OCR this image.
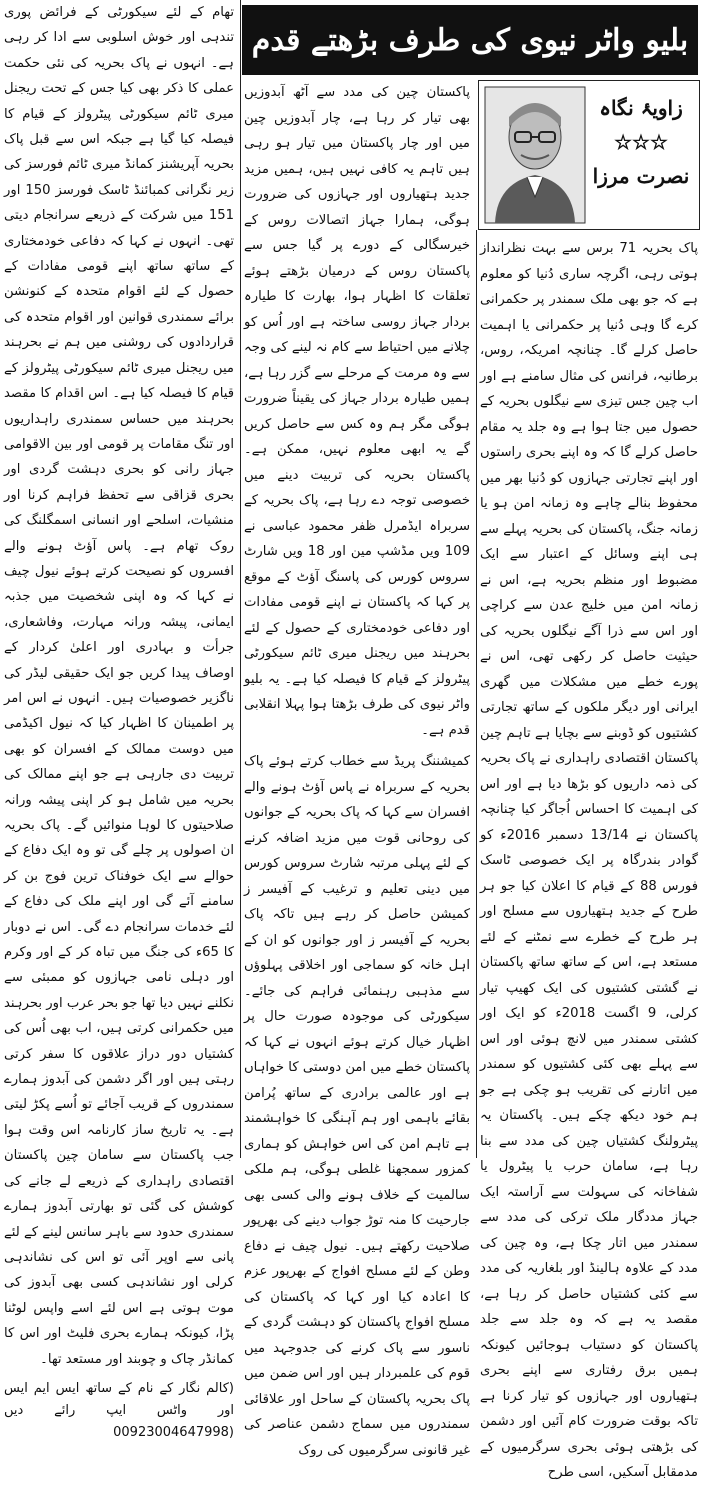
بلیو واٹر نیوی کی طرف بڑھتے قدم
زاویۂ نگاہ
☆☆☆
نصرت مرزا

پاک بحریہ 71 برس سے بہت نظرانداز ہوتی رہی، اگرچہ ساری دُنیا کو معلوم ہے کہ جو بھی ملک سمندر پر حکمرانی کرے گا وہی دُنیا پر حکمرانی یا اہمیت حاصل کرلے گا۔ چنانچہ امریکہ، روس، برطانیہ، فرانس کی مثال سامنے ہے اور اب چین جس تیزی سے نیگلوں بحریہ کے حصول میں جتا ہوا ہے وہ جلد یہ مقام حاصل کرلے گا کہ وہ اپنے بحری راستوں اور اپنے تجارتی جہازوں کو دُنیا بھر میں محفوظ بنالے چاہے وہ زمانہ امن ہو یا زمانہ جنگ، پاکستان کی بحریہ پہلے سے ہی اپنے وسائل کے اعتبار سے ایک مضبوط اور منظم بحریہ ہے، اس نے زمانہ امن میں خلیج عدن سے کراچی اور اس سے ذرا آگے نیگلوں بحریہ کی حیثیت حاصل کر رکھی تھی، اس نے پورے خطے میں مشکلات میں گھری ایرانی اور دیگر ملکوں کے ساتھ تجارتی کشتیوں کو ڈوبنے سے بچایا ہے تاہم چین پاکستان اقتصادی راہداری نے پاک بحریہ کی ذمہ داریوں کو بڑھا دیا ہے اور اس کی اہمیت کا احساس اُجاگر کیا چنانچہ پاکستان نے 13/14 دسمبر 2016ء کو گوادر بندرگاہ پر ایک خصوصی ٹاسک فورس 88 کے قیام کا اعلان کیا جو ہر طرح کے جدید ہتھیاروں سے مسلح اور ہر طرح کے خطرے سے نمٹنے کے لئے مستعد ہے، اس کے ساتھ ساتھ پاکستان نے گشتی کشتیوں کی ایک کھیپ تیار کرلی، 9 اگست 2018ء کو ایک اور کشتی سمندر میں لانچ ہوئی اور اس سے پہلے بھی کئی کشتیوں کو سمندر میں اتارنے کی تقریب ہو چکی ہے جو ہم خود دیکھ چکے ہیں۔ پاکستان یہ پیٹرولنگ کشتیاں چین کی مدد سے بنا رہا ہے، سامان حرب یا پیٹرول یا شفاخانہ کی سہولت سے آراستہ ایک جہاز مددگار ملک ترکی کی مدد سے سمندر میں اتار چکا ہے، وہ چین کی مدد کے علاوہ ہالینڈ اور بلغاریہ کی مدد سے کئی کشتیاں حاصل کر رہا ہے، مقصد یہ ہے کہ وہ جلد سے جلد پاکستان کو دستیاب ہوجائیں کیونکہ ہمیں برق رفتاری سے اپنے بحری ہتھیاروں اور جہازوں کو تیار کرنا ہے تاکہ بوقت ضرورت کام آئیں اور دشمن کی بڑھتی ہوئی بحری سرگرمیوں کے مدمقابل آسکیں، اسی طرح

پاکستان چین کی مدد سے آٹھ آبدوزیں بھی تیار کر رہا ہے، چار آبدوزیں چین میں اور چار پاکستان میں تیار ہو رہی ہیں تاہم یہ کافی نہیں ہیں، ہمیں مزید جدید ہتھیاروں اور جہازوں کی ضرورت ہوگی، ہمارا جہاز اتصالات روس کے خیرسگالی کے دورے پر گیا جس سے پاکستان روس کے درمیان بڑھتے ہوئے تعلقات کا اظہار ہوا، بھارت کا طیارہ بردار جہاز روسی ساختہ ہے اور اُس کو چلانے میں احتیاط سے کام نہ لینے کی وجہ سے وہ مرمت کے مرحلے سے گزر رہا ہے، ہمیں طیارہ بردار جہاز کی یقیناً ضرورت ہوگی مگر ہم وہ کس سے حاصل کریں گے یہ ابھی معلوم نہیں، ممکن ہے۔ پاکستان بحریہ کی تربیت دینے میں خصوصی توجہ دے رہا ہے، پاک بحریہ کے سربراہ ایڈمرل ظفر محمود عباسی نے 109 ویں مڈشپ مین اور 18 ویں شارٹ سروس کورس کی پاسنگ آؤٹ کے موقع پر کہا کہ پاکستان نے اپنے قومی مفادات اور دفاعی خودمختاری کے حصول کے لئے بحرہند میں ریجنل میری ٹائم سیکورٹی پیٹرولز کے قیام کا فیصلہ کیا ہے۔ یہ بلیو واٹر نیوی کی طرف بڑھتا ہوا پہلا انقلابی قدم ہے۔

کمیشننگ پریڈ سے خطاب کرتے ہوئے پاک بحریہ کے سربراہ نے پاس آؤٹ ہونے والے افسران سے کہا کہ پاک بحریہ کے جوانوں کی روحانی قوت میں مزید اضافہ کرنے کے لئے پہلی مرتبہ شارٹ سروس کورس میں دینی تعلیم و ترغیب کے آفیسر ز کمیشن حاصل کر رہے ہیں تاکہ پاک بحریہ کے آفیسر ز اور جوانوں کو ان کے اہل خانہ کو سماجی اور اخلاقی پہلوؤں سے مذہبی رہنمائی فراہم کی جائے۔ سیکورٹی کی موجودہ صورت حال پر اظہار خیال کرتے ہوئے انہوں نے کہا کہ پاکستان خطے میں امن دوستی کا خواہاں ہے اور عالمی برادری کے ساتھ پُرامن بقائے باہمی اور ہم آہنگی کا خواہشمند ہے تاہم امن کی اس خواہش کو ہماری کمزور سمجھنا غلطی ہوگی، ہم ملکی سالمیت کے خلاف ہونے والی کسی بھی جارحیت کا منہ توڑ جواب دینے کی بھرپور صلاحیت رکھتے ہیں۔ نیول چیف نے دفاع وطن کے لئے مسلح افواج کے بھرپور عزم کا اعادہ کیا اور کہا کہ پاکستان کی مسلح افواج پاکستان کو دہشت گردی کے ناسور سے پاک کرنے کی جدوجہد میں قوم کی علمبردار ہیں اور اس ضمن میں پاک بحریہ پاکستان کے ساحل اور علاقائی سمندروں میں سماج دشمن عناصر کی غیر قانونی سرگرمیوں کی روک

تھام کے لئے سیکورٹی کے فرائض پوری تندہی اور خوش اسلوبی سے ادا کر رہی ہے۔ انہوں نے پاک بحریہ کی نئی حکمت عملی کا ذکر بھی کیا جس کے تحت ریجنل میری ٹائم سیکورٹی پیٹرولز کے قیام کا فیصلہ کیا گیا ہے جبکہ اس سے قبل پاک بحریہ آپریشنز کمانڈ میری ٹائم فورسز کی زیر نگرانی کمبائنڈ ٹاسک فورسز 150 اور 151 میں شرکت کے ذریعے سرانجام دیتی تھی۔ انہوں نے کہا کہ دفاعی خودمختاری کے ساتھ ساتھ اپنے قومی مفادات کے حصول کے لئے اقوام متحدہ کے کنونشن برائے سمندری قوانین اور اقوام متحدہ کی قراردادوں کی روشنی میں ہم نے بحرہند میں ریجنل میری ٹائم سیکورٹی پیٹرولز کے قیام کا فیصلہ کیا ہے۔ اس اقدام کا مقصد بحرہند میں حساس سمندری راہداریوں اور تنگ مقامات پر قومی اور بین الاقوامی جہاز رانی کو بحری دہشت گردی اور بحری قزاقی سے تحفظ فراہم کرنا اور منشیات، اسلحے اور انسانی اسمگلنگ کی روک تھام ہے۔ پاس آؤٹ ہونے والے افسروں کو نصیحت کرتے ہوئے نیول چیف نے کہا کہ وہ اپنی شخصیت میں جذبہ ایمانی، پیشہ ورانہ مہارت، وفاشعاری، جرأت و بہادری اور اعلیٰ کردار کے اوصاف پیدا کریں جو ایک حقیقی لیڈر کی ناگزیر خصوصیات ہیں۔ انہوں نے اس امر پر اطمینان کا اظہار کیا کہ نیول اکیڈمی میں دوست ممالک کے افسران کو بھی تربیت دی جارہی ہے جو اپنے ممالک کی بحریہ میں شامل ہو کر اپنی پیشہ ورانہ صلاحیتوں کا لوہا منوائیں گے۔ پاک بحریہ ان اصولوں پر چلے گی تو وہ ایک دفاع کے حوالے سے ایک خوفناک ترین فوج بن کر سامنے آئے گی اور اپنے ملک کی دفاع کے لئے خدمات سرانجام دے گی۔ اس نے دوبار کا 65ء کی جنگ میں تباہ کر کے اور وکرم اور دہلی نامی جہازوں کو ممبئی سے نکلنے نہیں دیا تھا جو بحر عرب اور بحرہند میں حکمرانی کرتی ہیں، اب بھی اُس کی کشتیاں دور دراز علاقوں کا سفر کرتی رہتی ہیں اور اگر دشمن کی آبدوز ہمارے سمندروں کے قریب آجائے تو اُسے پکڑ لیتی ہے۔ یہ تاریخ ساز کارنامہ اس وقت ہوا جب پاکستان سے سامان چین پاکستان اقتصادی راہداری کے ذریعے لے جانے کی کوشش کی گئی تو بھارتی آبدوز ہمارے سمندری حدود سے باہر سانس لینے کے لئے پانی سے اوپر آئی تو اس کی نشاندہی کرلی اور نشاندہی کسی بھی آبدوز کی موت ہوتی ہے اس لئے اسے واپس لوٹنا پڑا، کیونکہ ہمارے بحری فلیٹ اور اس کا کمانڈر چاک و چوبند اور مستعد تھا۔

(کالم نگار کے نام کے ساتھ ایس ایم ایس اور واٹس ایپ رائے دیں 00923004647998)
